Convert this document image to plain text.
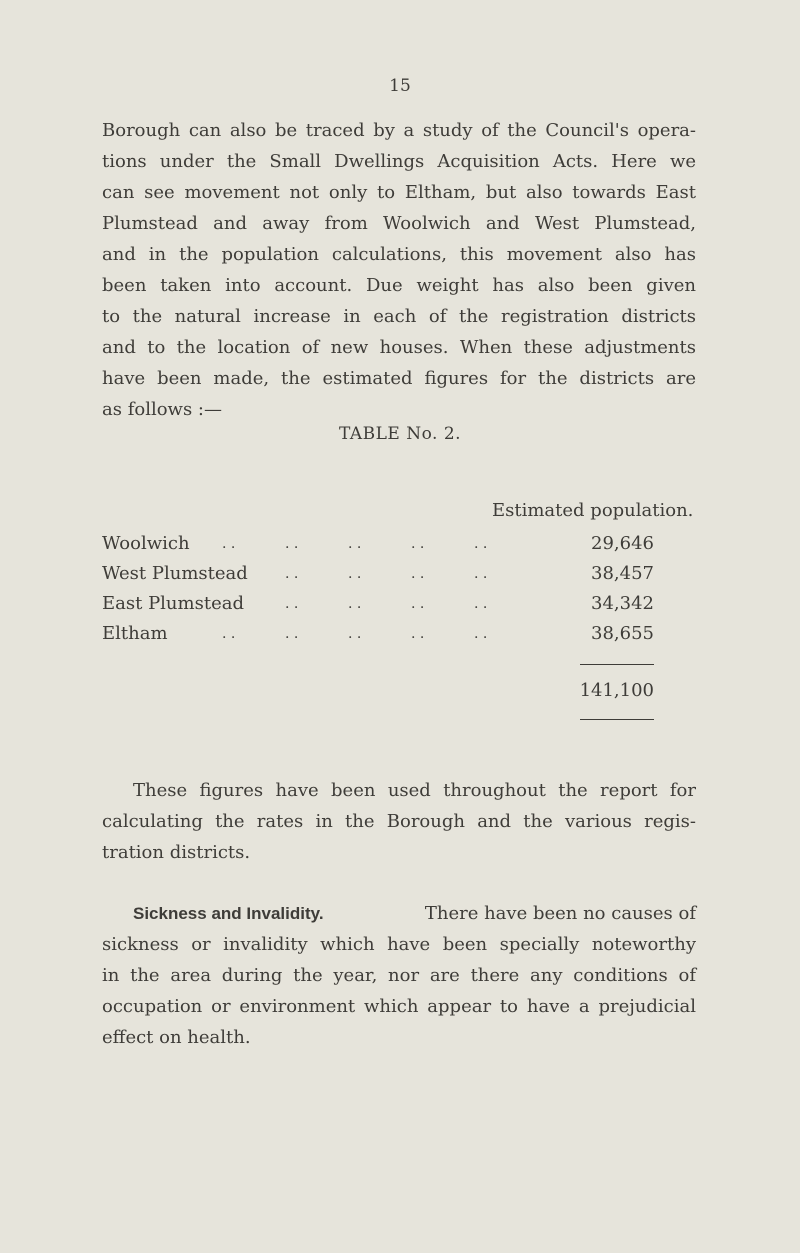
15
Borough can also be traced by a study of the Council's opera-
tions under the Small Dwellings Acquisition Acts. Here we
can see movement not only to Eltham, but also towards East
Plumstead and away from Woolwich and West Plumstead,
and in the population calculations, this movement also has
been taken into account. Due weight has also been given
to the natural increase in each of the registration districts
and to the location of new houses. When these adjustments
have been made, the estimated figures for the districts are
as follows :—
TABLE No. 2.
Estimated population.
Woolwich . .	. .	. .	. .	. .	29,646
West Plumstead	. .	. .	. .	. .	38,457
East Plumstead	. .	. .	. .	. .	34,342
Eltham	. .	. .	. .	. .	. .	38,655
141,100
These figures have been used throughout the report for
calculating the rates in the Borough and the various regis-
tration districts.
Sickness and Invalidity.	There have been no causes of
sickness or invalidity which have been specially noteworthy
in the area during the year, nor are there any conditions of
occupation or environment which appear to have a prejudicial
effect on health.
